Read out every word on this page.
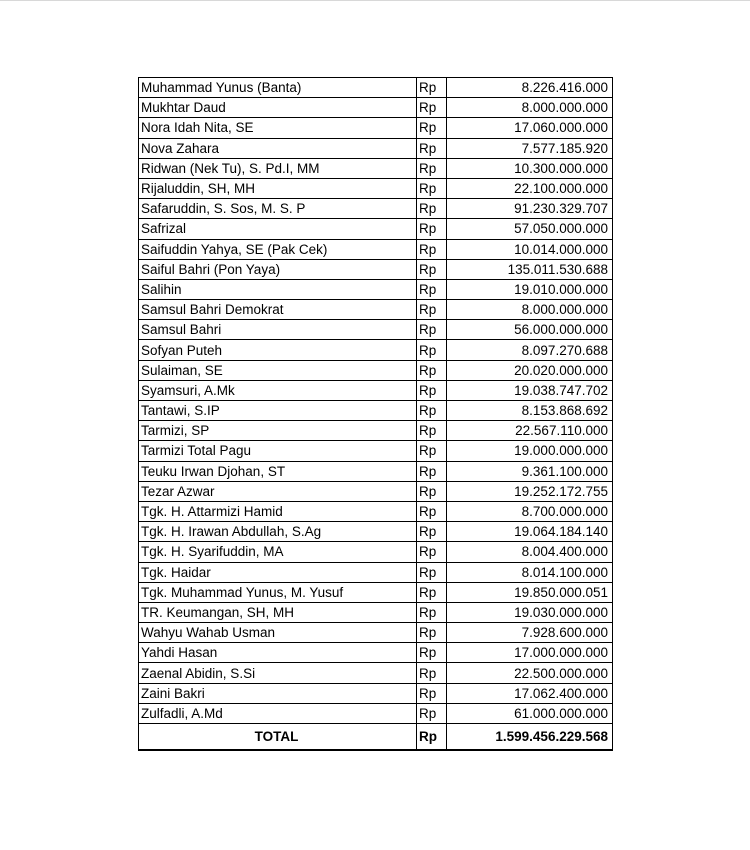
Muhammad Yunus (Banta)	Rp	8.226.416.000
Mukhtar Daud	Rp	8.000.000.000
Nora Idah Nita, SE	Rp	17.060.000.000
Nova Zahara	Rp	7.577.185.920
Ridwan (Nek Tu), S. Pd.I, MM	Rp	10.300.000.000
Rijaluddin, SH, MH	Rp	22.100.000.000
Safaruddin, S. Sos, M. S. P	Rp	91.230.329.707
Safrizal	Rp	57.050.000.000
Saifuddin Yahya, SE (Pak Cek)	Rp	10.014.000.000
Saiful Bahri (Pon Yaya)	Rp	135.011.530.688
Salihin	Rp	19.010.000.000
Samsul Bahri Demokrat	Rp	8.000.000.000
Samsul Bahri	Rp	56.000.000.000
Sofyan Puteh	Rp	8.097.270.688
Sulaiman, SE	Rp	20.020.000.000
Syamsuri, A.Mk	Rp	19.038.747.702
Tantawi, S.IP	Rp	8.153.868.692
Tarmizi, SP	Rp	22.567.110.000
Tarmizi Total Pagu	Rp	19.000.000.000
Teuku Irwan Djohan, ST	Rp	9.361.100.000
Tezar Azwar	Rp	19.252.172.755
Tgk. H. Attarmizi Hamid	Rp	8.700.000.000
Tgk. H. Irawan Abdullah, S.Ag	Rp	19.064.184.140
Tgk. H. Syarifuddin, MA	Rp	8.004.400.000
Tgk. Haidar	Rp	8.014.100.000
Tgk. Muhammad Yunus, M. Yusuf	Rp	19.850.000.051
TR. Keumangan, SH, MH	Rp	19.030.000.000
Wahyu Wahab Usman	Rp	7.928.600.000
Yahdi Hasan	Rp	17.000.000.000
Zaenal Abidin, S.Si	Rp	22.500.000.000
Zaini Bakri	Rp	17.062.400.000
Zulfadli, A.Md	Rp	61.000.000.000
TOTAL	Rp	1.599.456.229.568
